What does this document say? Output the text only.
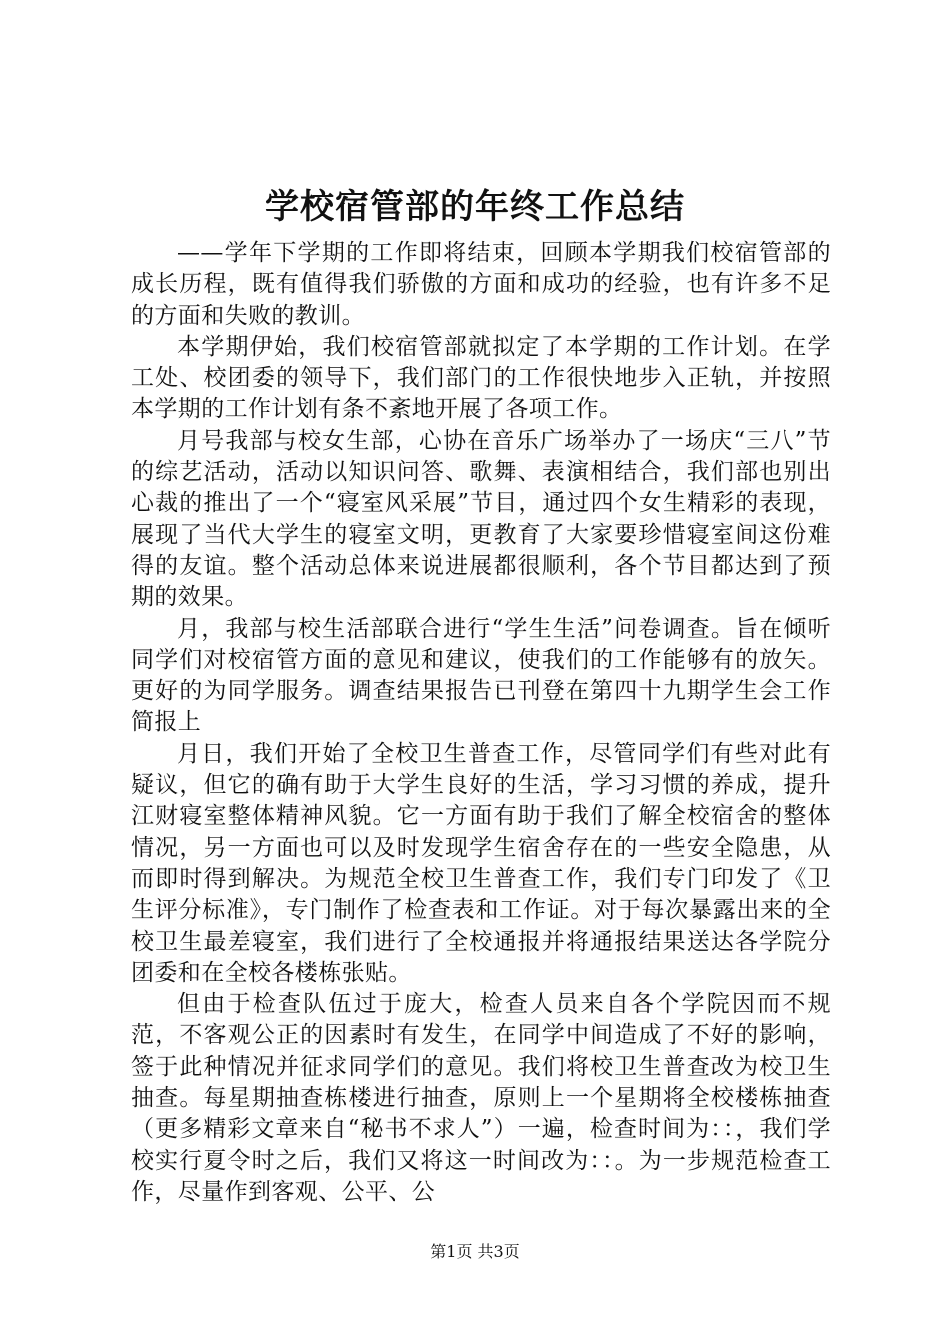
学校宿管部的年终工作总结

——学年下学期的工作即将结束，回顾本学期我们校宿管部的成长历程，既有值得我们骄傲的方面和成功的经验，也有许多不足的方面和失败的教训。

本学期伊始，我们校宿管部就拟定了本学期的工作计划。在学工处、校团委的领导下，我们部门的工作很快地步入正轨，并按照本学期的工作计划有条不紊地开展了各项工作。

月号我部与校女生部，心协在音乐广场举办了一场庆“三八”节的综艺活动，活动以知识问答、歌舞、表演相结合，我们部也别出心裁的推出了一个“寝室风采展”节目，通过四个女生精彩的表现，展现了当代大学生的寝室文明，更教育了大家要珍惜寝室间这份难得的友谊。整个活动总体来说进展都很顺利，各个节目都达到了预期的效果。

月，我部与校生活部联合进行“学生生活”问卷调查。旨在倾听同学们对校宿管方面的意见和建议，使我们的工作能够有的放矢。更好的为同学服务。调查结果报告已刊登在第四十九期学生会工作简报上

月日，我们开始了全校卫生普查工作，尽管同学们有些对此有疑议，但它的确有助于大学生良好的生活，学习习惯的养成，提升江财寝室整体精神风貌。它一方面有助于我们了解全校宿舍的整体情况，另一方面也可以及时发现学生宿舍存在的一些安全隐患，从而即时得到解决。为规范全校卫生普查工作，我们专门印发了《卫生评分标准》，专门制作了检查表和工作证。对于每次暴露出来的全校卫生最差寝室，我们进行了全校通报并将通报结果送达各学院分团委和在全校各楼栋张贴。

但由于检查队伍过于庞大，检查人员来自各个学院因而不规范，不客观公正的因素时有发生，在同学中间造成了不好的影响，签于此种情况并征求同学们的意见。我们将校卫生普查改为校卫生抽查。每星期抽查栋楼进行抽查，原则上一个星期将全校楼栋抽查（更多精彩文章来自“秘书不求人”）一遍，检查时间为：：，我们学校实行夏令时之后，我们又将这一时间改为：：。为一步规范检查工作，尽量作到客观、公平、公

第1页 共3页
